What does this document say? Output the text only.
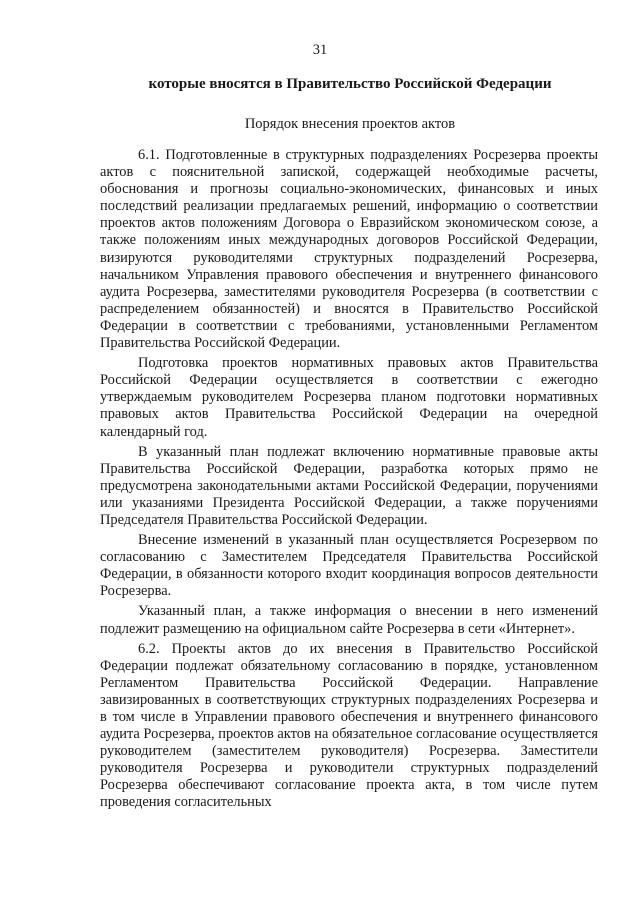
31
которые вносятся в Правительство Российской Федерации
Порядок внесения проектов актов

6.1. Подготовленные в структурных подразделениях Росрезерва проекты актов с пояснительной запиской, содержащей необходимые расчеты, обоснования и прогнозы социально-экономических, финансовых и иных последствий реализации предлагаемых решений, информацию о соответствии проектов актов положениям Договора о Евразийском экономическом союзе, а также положениям иных международных договоров Российской Федерации, визируются руководителями структурных подразделений Росрезерва, начальником Управления правового обеспечения и внутреннего финансового аудита Росрезерва, заместителями руководителя Росрезерва (в соответствии с распределением обязанностей) и вносятся в Правительство Российской Федерации в соответствии с требованиями, установленными Регламентом Правительства Российской Федерации.

Подготовка проектов нормативных правовых актов Правительства Российской Федерации осуществляется в соответствии с ежегодно утверждаемым руководителем Росрезерва планом подготовки нормативных правовых актов Правительства Российской Федерации на очередной календарный год.

В указанный план подлежат включению нормативные правовые акты Правительства Российской Федерации, разработка которых прямо не предусмотрена законодательными актами Российской Федерации, поручениями или указаниями Президента Российской Федерации, а также поручениями Председателя Правительства Российской Федерации.

Внесение изменений в указанный план осуществляется Росрезервом по согласованию с Заместителем Председателя Правительства Российской Федерации, в обязанности которого входит координация вопросов деятельности Росрезерва.

Указанный план, а также информация о внесении в него изменений подлежит размещению на официальном сайте Росрезерва в сети «Интернет».

6.2. Проекты актов до их внесения в Правительство Российской Федерации подлежат обязательному согласованию в порядке, установленном Регламентом Правительства Российской Федерации. Направление завизированных в соответствующих структурных подразделениях Росрезерва и в том числе в Управлении правового обеспечения и внутреннего финансового аудита Росрезерва, проектов актов на обязательное согласование осуществляется руководителем (заместителем руководителя) Росрезерва. Заместители руководителя Росрезерва и руководители структурных подразделений Росрезерва обеспечивают согласование проекта акта, в том числе путем проведения согласительных
